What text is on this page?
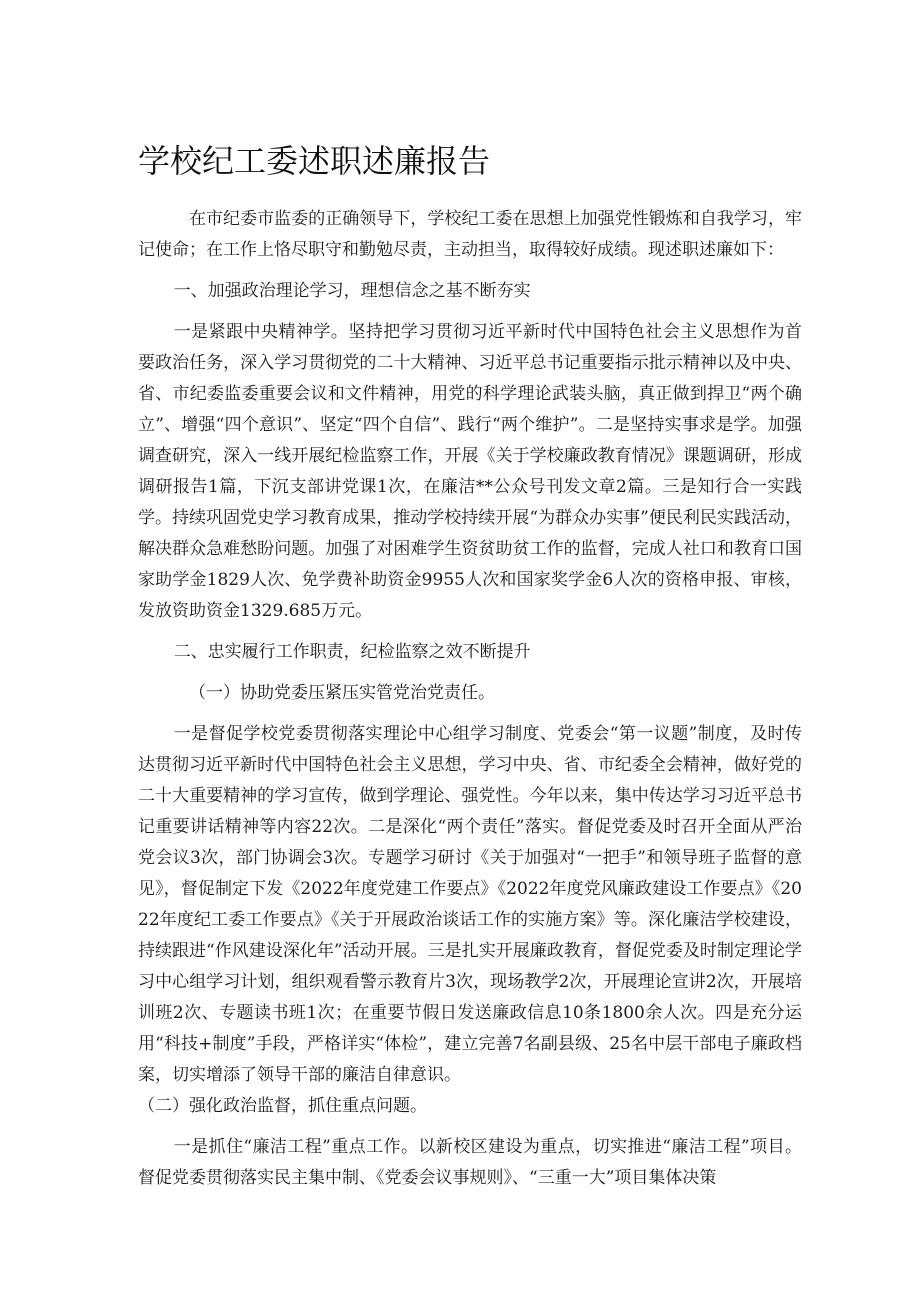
学校纪工委述职述廉报告

在市纪委市监委的正确领导下，学校纪工委在思想上加强党性锻炼和自我学习，牢记使命；在工作上恪尽职守和勤勉尽责，主动担当，取得较好成绩。现述职述廉如下：

一、加强政治理论学习，理想信念之基不断夯实

一是紧跟中央精神学。坚持把学习贯彻习近平新时代中国特色社会主义思想作为首要政治任务，深入学习贯彻党的二十大精神、习近平总书记重要指示批示精神以及中央、省、市纪委监委重要会议和文件精神，用党的科学理论武装头脑，真正做到捍卫“两个确立”、增强“四个意识”、坚定“四个自信”、践行“两个维护”。二是坚持实事求是学。加强调查研究，深入一线开展纪检监察工作，开展《关于学校廉政教育情况》课题调研，形成调研报告1篇，下沉支部讲党课1次，在廉洁**公众号刊发文章2篇。三是知行合一实践学。持续巩固党史学习教育成果，推动学校持续开展“为群众办实事”便民利民实践活动，解决群众急难愁盼问题。加强了对困难学生资贫助贫工作的监督，完成人社口和教育口国家助学金1829人次、免学费补助资金9955人次和国家奖学金6人次的资格申报、审核，发放资助资金1329.685万元。

二、忠实履行工作职责，纪检监察之效不断提升

（一）协助党委压紧压实管党治党责任。

一是督促学校党委贯彻落实理论中心组学习制度、党委会“第一议题”制度，及时传达贯彻习近平新时代中国特色社会主义思想，学习中央、省、市纪委全会精神，做好党的二十大重要精神的学习宣传，做到学理论、强党性。今年以来，集中传达学习习近平总书记重要讲话精神等内容22次。二是深化“两个责任”落实。督促党委及时召开全面从严治党会议3次，部门协调会3次。专题学习研讨《关于加强对“一把手”和领导班子监督的意见》，督促制定下发《2022年度党建工作要点》《2022年度党风廉政建设工作要点》《2022年度纪工委工作要点》《关于开展政治谈话工作的实施方案》等。深化廉洁学校建设，持续跟进“作风建设深化年”活动开展。三是扎实开展廉政教育，督促党委及时制定理论学习中心组学习计划，组织观看警示教育片3次，现场教学2次，开展理论宣讲2次，开展培训班2次、专题读书班1次；在重要节假日发送廉政信息10条1800余人次。四是充分运用“科技+制度”手段，严格详实“体检”，建立完善7名副县级、25名中层干部电子廉政档案，切实增添了领导干部的廉洁自律意识。

（二）强化政治监督，抓住重点问题。

一是抓住“廉洁工程”重点工作。以新校区建设为重点，切实推进“廉洁工程”项目。督促党委贯彻落实民主集中制、《党委会议事规则》、“三重一大”项目集体决策
